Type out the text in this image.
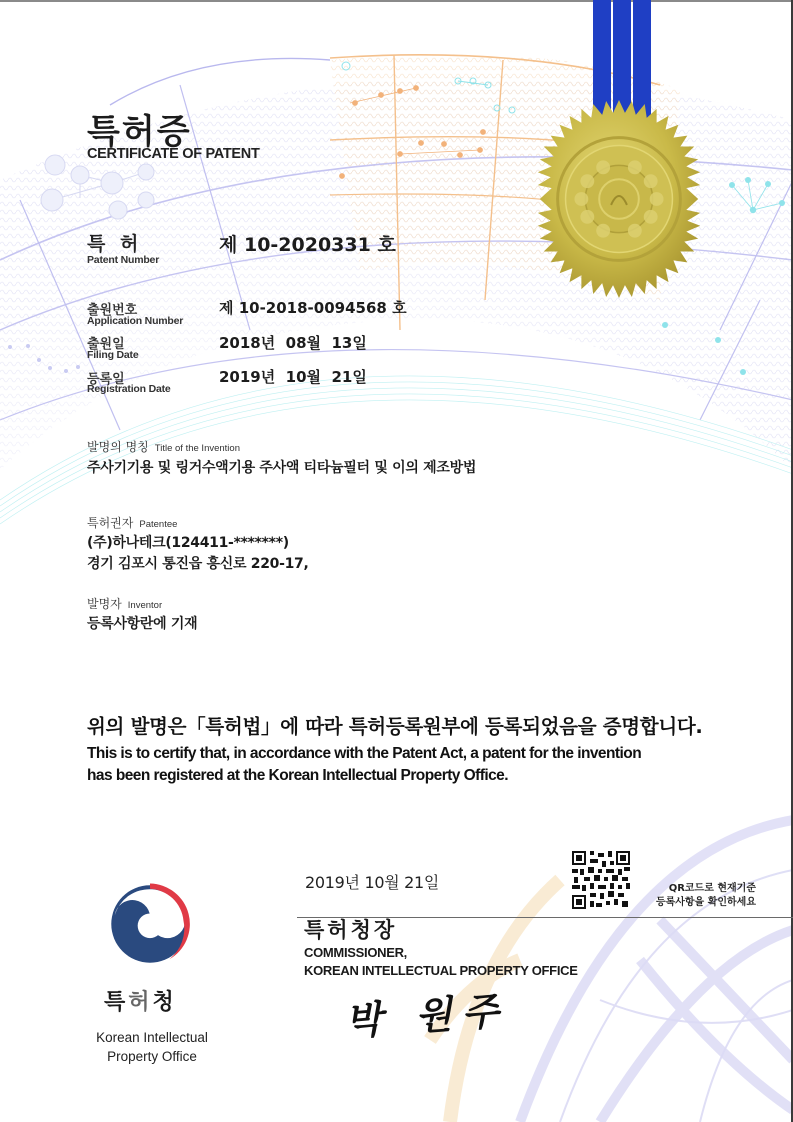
특허증
CERTIFICATE OF PATENT
특 허
Patent Number
제 10-2020331 호
출원번호
Application Number
제 10-2018-0094568 호
출원일
Filing Date
2018년  08월  13일
등록일
Registration Date
2019년  10월  21일
발명의 명칭 Title of the Invention
주사기기용 및 링거수액기용 주사액 티타늄필터 및 이의 제조방법
특허권자 Patentee
(주)하나테크(124411-*******)
경기 김포시 통진읍 흥신로 220-17,
발명자 Inventor
등록사항란에 기재
위의 발명은「특허법」에 따라 특허등록원부에 등록되었음을 증명합니다.
This is to certify that, in accordance with the Patent Act, a patent for the invention
has been registered at the Korean Intellectual Property Office.
특허청
Korean Intellectual
Property Office
2019년 10월 21일
특허청장
COMMISSIONER,
KOREAN INTELLECTUAL PROPERTY OFFICE
박 원주
QR코드로 현재기준
등록사항을 확인하세요
